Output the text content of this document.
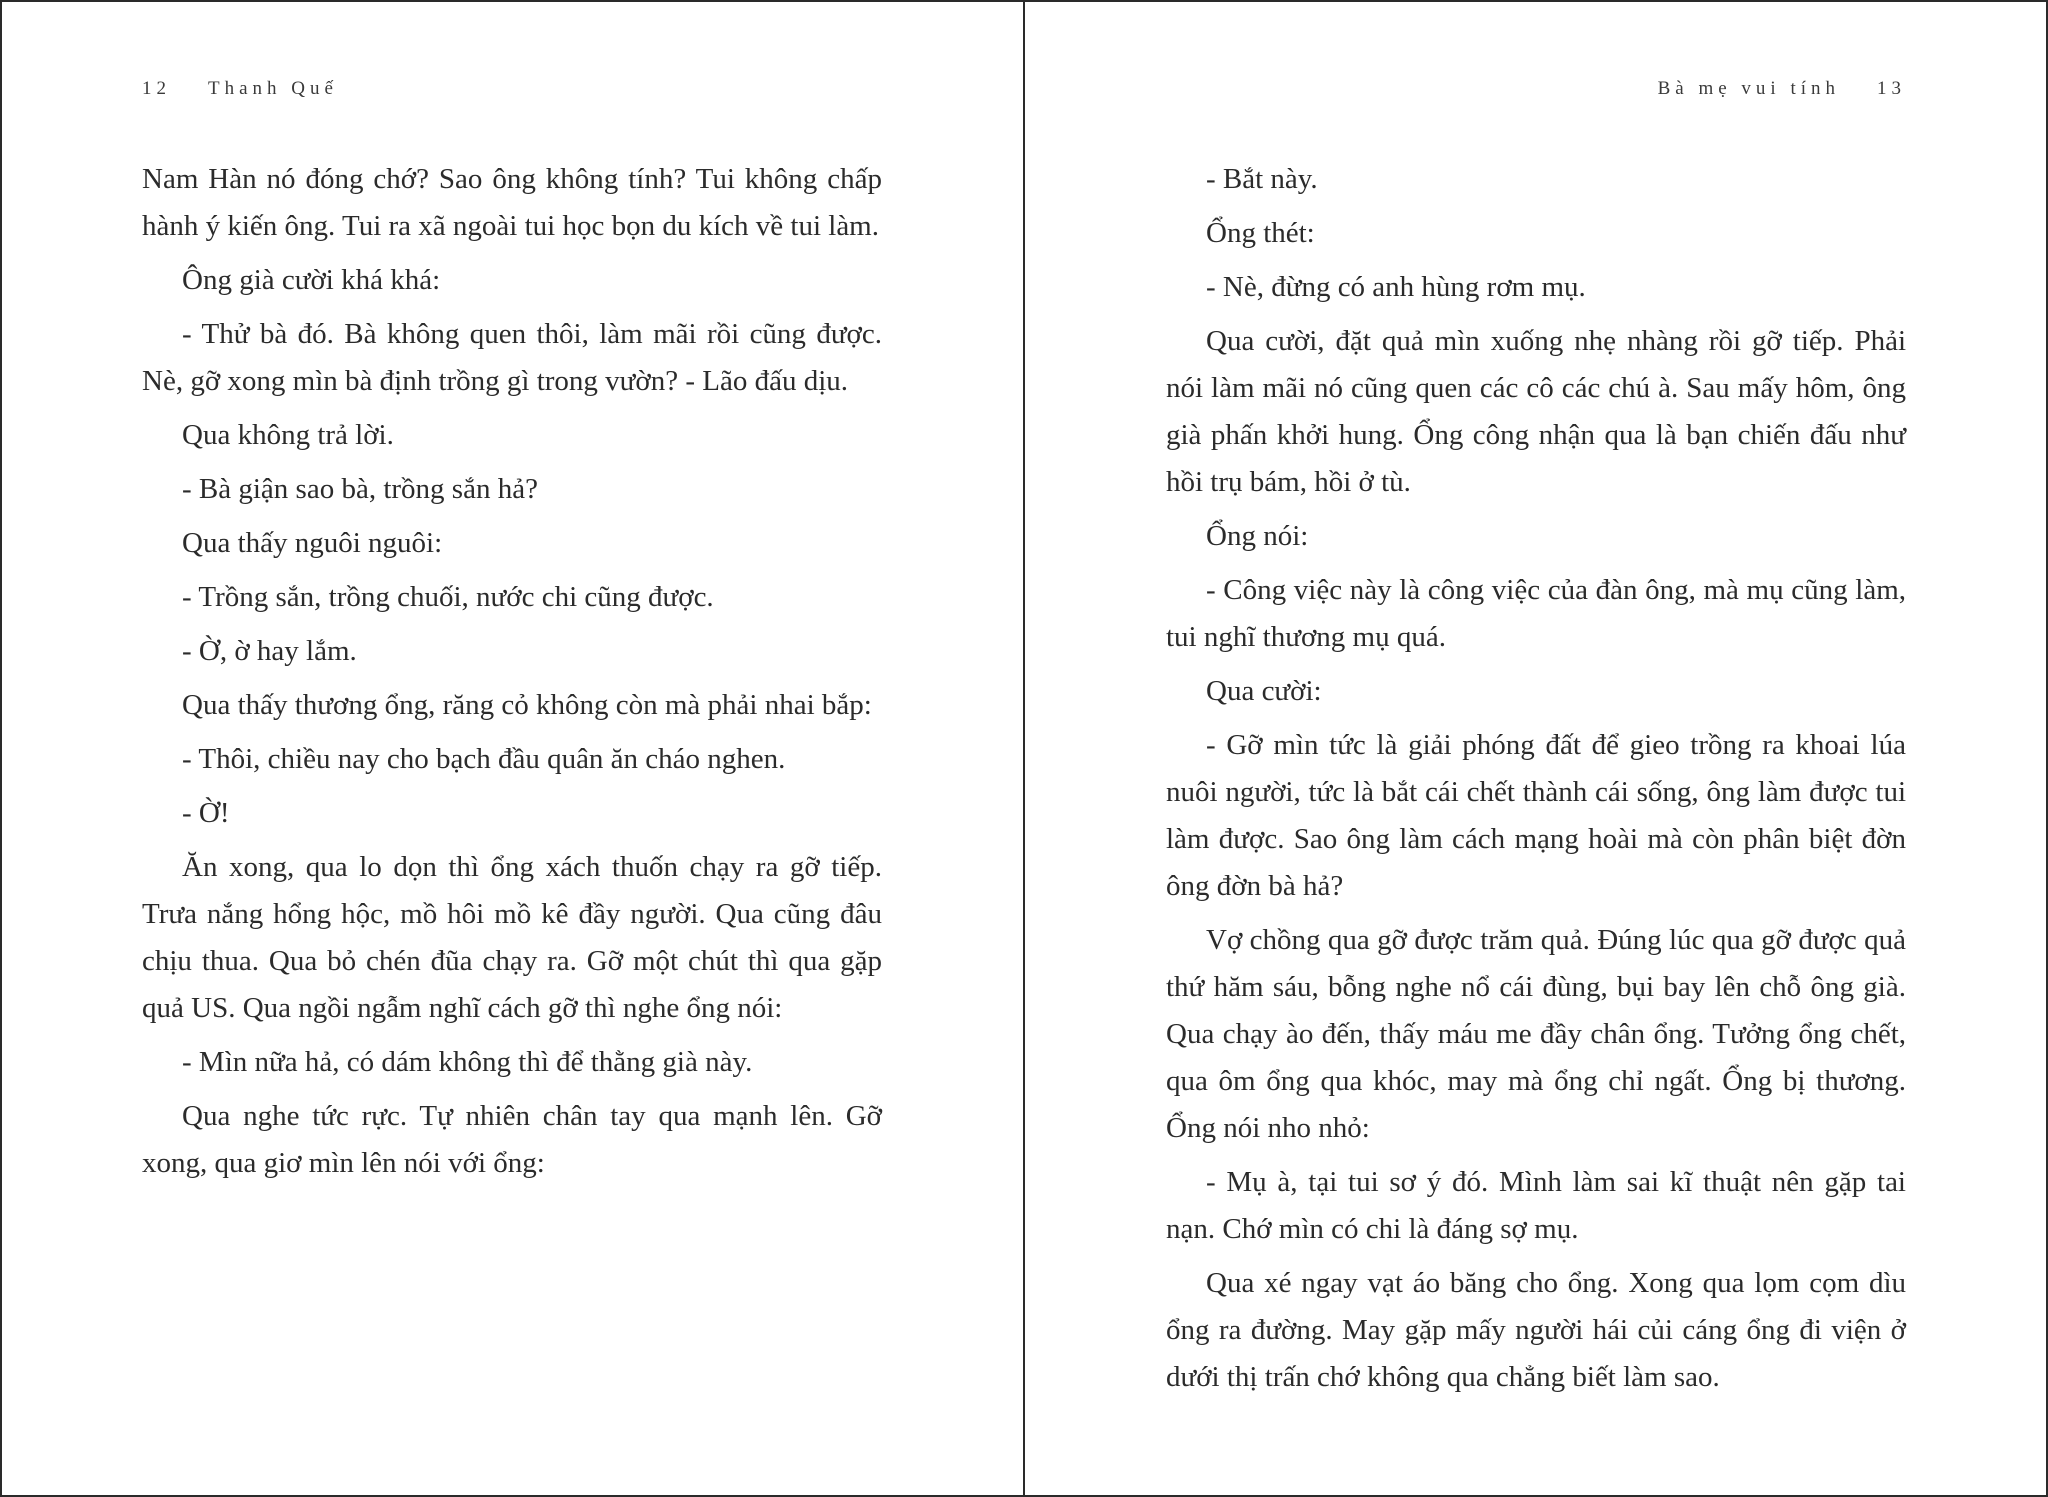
12 Thanh Quế

Nam Hàn nó đóng chớ? Sao ông không tính? Tui không chấp hành ý kiến ông. Tui ra xã ngoài tui học bọn du kích về tui làm.

Ông già cười khá khá:

- Thử bà đó. Bà không quen thôi, làm mãi rồi cũng được. Nè, gỡ xong mìn bà định trồng gì trong vườn? - Lão đấu dịu.

Qua không trả lời.

- Bà giận sao bà, trồng sắn hả?

Qua thấy nguôi nguôi:

- Trồng sắn, trồng chuối, nước chi cũng được.

- Ờ, ờ hay lắm.

Qua thấy thương ổng, răng cỏ không còn mà phải nhai bắp:

- Thôi, chiều nay cho bạch đầu quân ăn cháo nghen.

- Ờ!

Ăn xong, qua lo dọn thì ổng xách thuốn chạy ra gỡ tiếp. Trưa nắng hổng hộc, mồ hôi mồ kê đầy người. Qua cũng đâu chịu thua. Qua bỏ chén đũa chạy ra. Gỡ một chút thì qua gặp quả US. Qua ngồi ngẫm nghĩ cách gỡ thì nghe ổng nói:

- Mìn nữa hả, có dám không thì để thằng già này.

Qua nghe tức rực. Tự nhiên chân tay qua mạnh lên. Gỡ xong, qua giơ mìn lên nói với ổng:

Bà mẹ vui tính 13

- Bắt này.

Ổng thét:

- Nè, đừng có anh hùng rơm mụ.

Qua cười, đặt quả mìn xuống nhẹ nhàng rồi gỡ tiếp. Phải nói làm mãi nó cũng quen các cô các chú à. Sau mấy hôm, ông già phấn khởi hung. Ổng công nhận qua là bạn chiến đấu như hồi trụ bám, hồi ở tù.

Ổng nói:

- Công việc này là công việc của đàn ông, mà mụ cũng làm, tui nghĩ thương mụ quá.

Qua cười:

- Gỡ mìn tức là giải phóng đất để gieo trồng ra khoai lúa nuôi người, tức là bắt cái chết thành cái sống, ông làm được tui làm được. Sao ông làm cách mạng hoài mà còn phân biệt đờn ông đờn bà hả?

Vợ chồng qua gỡ được trăm quả. Đúng lúc qua gỡ được quả thứ hăm sáu, bỗng nghe nổ cái đùng, bụi bay lên chỗ ông già. Qua chạy ào đến, thấy máu me đầy chân ổng. Tưởng ổng chết, qua ôm ổng qua khóc, may mà ổng chỉ ngất. Ổng bị thương. Ổng nói nho nhỏ:

- Mụ à, tại tui sơ ý đó. Mình làm sai kĩ thuật nên gặp tai nạn. Chớ mìn có chi là đáng sợ mụ.

Qua xé ngay vạt áo băng cho ổng. Xong qua lọm cọm dìu ổng ra đường. May gặp mấy người hái củi cáng ổng đi viện ở dưới thị trấn chớ không qua chẳng biết làm sao.
